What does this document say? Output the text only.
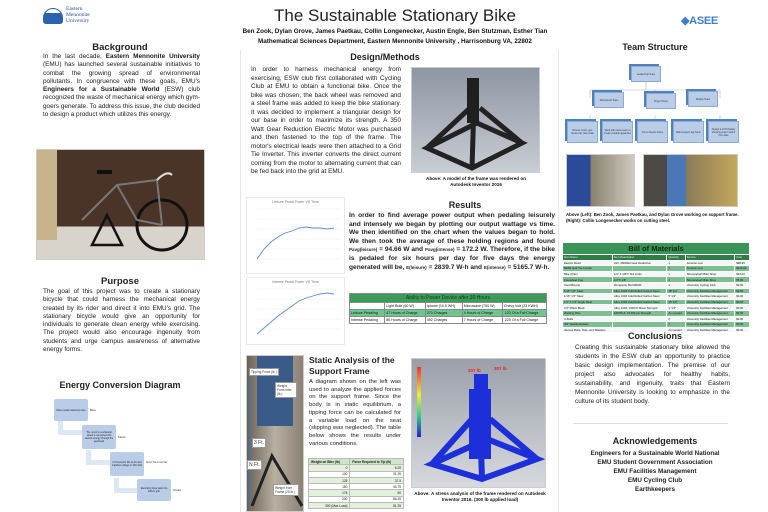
Eastern
Mennonite
University	◆ASEE
The Sustainable Stationary Bike
Ben Zook, Dylan Grove, James Paetkau, Collin Longenecker, Austin Engle, Ben Stutzman, Esther Tian
Mathematical Sciences Department, Eastern Mennonite University , Harrisonburg VA, 22802
Background
In the last decade, Eastern Mennonite University (EMU) has launched several sustainable initiatives to combat the growing spread of environmental pollutants. In congruence with these goals, EMU's Engineers for a Sustainable World (ESW) club recognized the waste of mechanical energy which gym-goers generate. To address this issue, the club decided to design a product which utilizes this energy.
Purpose
The goal of this project was to create a stationary bicycle that could harness the mechanical energy created by its rider and direct it into EMU's grid. The stationary bicycle would give an opportunity for individuals to generate clean energy while exercising. The project would also encourage ingenuity from students and urge campus awareness of alternative energy forms.
Energy Conversion Diagram
Rider pedals stationary bike	Bike
The motor's mechanical wheel is converted into electric energy through the gearhead
Motor
GTI converts DC to AC and matches voltage to 120 volts
Grid Tie Inverter
Electricity flows back into EMU's grid	Outlet
Design/Methods
In order to harness mechanical energy from exercising, ESW club first collaborated with Cycling Club at EMU to obtain a functional bike. Once the bike was chosen, the back wheel was removed and a steel frame was added to keep the bike stationary. It was decided to implement a triangular design for our base in order to maximize its strength. A 350 Watt Gear Reduction Electric Motor was purchased and then fastened to the top of the frame. The motor's electrical leads were then attached to a Grid Tie Inverter. This inverter converts the direct current coming from the motor to alternating current that can be fed back into the grid at EMU.
Above: A model of the frame was rendered on Autodesk Inventor 2016
Leisure Pedal Power VS Time
Intense Pedal Power VS Time
Results
In order to find average power output when pedaling leisurely and intensely we began by plotting our output wattage vs time. We then identified on the chart when the values began to hold. We then took the average of these holding regions and found Pavg(leisure) = 94.66 W and Pavg(intense) = 172.2 W. Therefore, if the bike is pedaled for six hours per day for five days the energy generated will be, E(leisure) = 2839.7 W-h and E(intense) = 5165.7 W-h.
Ability to Power Device after 30 Hours				
	Light Bulb (60 W)	Iphone (10.5 WH)	Microwave (700 W)	Chevy Volt (23 KWH)
Leisure Pedaling	47 Hours of Charge	270 Charges	4 Hours of Charge	.123 Of a Full Charge
Intense Pedaling	86 Hours of Charge	492 Charges	7 Hours of Charge	.225 Of a Full Charge
Tipping Force (lb.)
Weight From rider (lb.)
3 Ft.
N Ft.
Weight from Frame (25 lb.)
Static Analysis of the Support Frame
A diagram shown on the left was used to analyze the applied forces on the support frame. Since the body is in static equilibrium, a tipping force can be calculated for a variable load on the seat (slipping was neglected). The table below shows the results under various conditions.
Weight on Bike (lb)	Force Required to Tip (lb)
0	6.25
100	31.25
125	37.5
150	43.75
175	50
200	56.25
300 (Max Load)	81.25
307 lb	307 lb
Above: A stress analysis of the frame rendered on Autodesk Inventor 2016. (300 lb applied load)
Team Structure
Leadership Team
Mechanical Team	Project Team
Display Team
Choose motor, gen. device bar, bike chain
Work with frame team to create a stable apparatus	Find a bicycle frame	Build support leg frame
Design a LCD Display showing power output from bike
Above (Left): Ben Zook, James Paetkau, and Dylan Grove working on support frame. (Right): Collin Longenecker works on cutting steel.
Bill of Materials				
Item Name	Item Description	Quantity	Source	Cost
Electric Motor	24V, 350Watt Gear Reduction	1	Amazon.com	$98.95
600W Grid Tie Inverter		1	Amazon.com	$129.00
Bike Chain	1/2" X 1/8"X 112 Links	1	Shenandoah Bike Shop	$13.00
Freewheel Cog	1/2"X 1/8"	1	Shenandoah Bike Shop	$5.00
Used Bicycle	Mongoose MAXIMUM	1	University Cycling Club	$0.00
1/16" 1.5" Steel	Alloy 1018 Cold Rolled Carbon Steel	18' 1/2"	University Facilities Management	$0.00
1/16" 1.5" Steel	Alloy 1018 Cold Rolled Carbon Steel	5' 1/2"	University Facilities Management	$0.00
1.5" X 1.5" Angle Steel	Alloy 1018 Cold Rolled Carbon Steel	15' 1/2"	University Facilities Management	$0.00
4.5" Pillow Block	Alloy 1018, 1400 lb Shear Strength	1' 1/2"	University Facilities Management	$0.00
Welding Wire	ER70S-6, 70,000 psi Strength	As needed	University Facilities Management	$0.00
U-Bolts		2	University Facilities Management	$0.00
3/8" Nuts/Endplates		4	University Facilities Management	$0.00
Various Bolts, Nuts, and Washers		As needed	University Facilities Management	$0.00
Conclusions
Creating this sustainable stationary bike allowed the students in the ESW club an opportunity to practice basic design implementation. The premise of our project also advocates for healthy habits, sustainability, and ingenuity, traits that Eastern Mennonite University is looking to emphasize in the culture of its student body.
Acknowledgements
Engineers for a Sustainable World National
EMU Student Government Association
EMU Facilities Management
EMU Cycling Club
Earthkeepers
